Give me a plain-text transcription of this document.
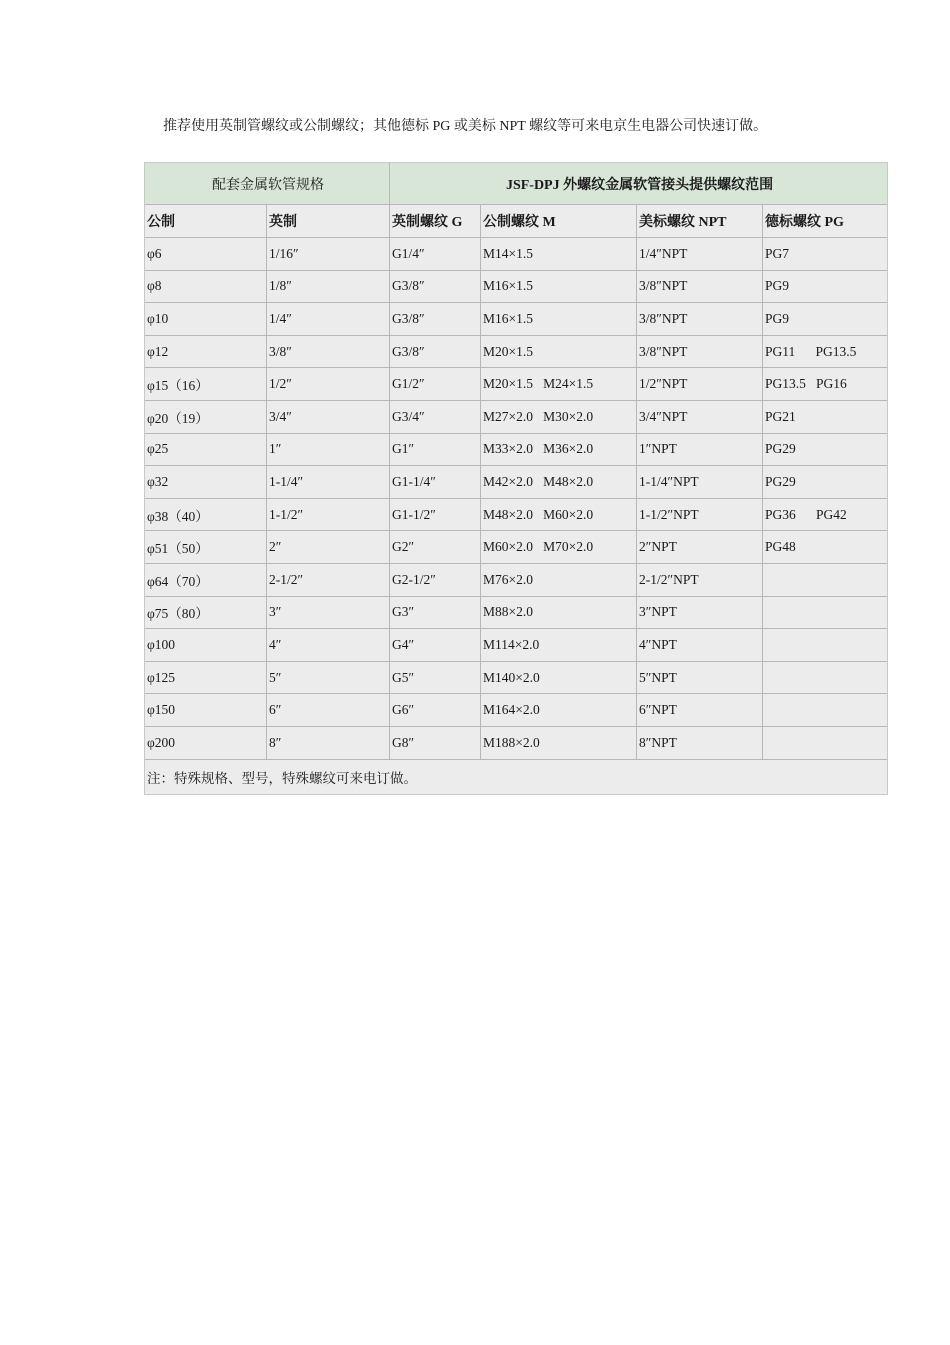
推荐使用英制管螺纹或公制螺纹；其他德标 PG 或美标 NPT 螺纹等可来电京生电器公司快速订做。
配套金属软管规格		JSF-DPJ 外螺纹金属软管接头提供螺纹范围			
公制	英制	英制螺纹 G	公制螺纹 M	美标螺纹 NPT	德标螺纹 PG
φ6	1/16″	G1/4″	M14×1.5	1/4″NPT	PG7
φ8	1/8″	G3/8″	M16×1.5	3/8″NPT	PG9
φ10	1/4″	G3/8″	M16×1.5	3/8″NPT	PG9
φ12	3/8″	G3/8″	M20×1.5	3/8″NPT	PG11      PG13.5
φ15（16）	1/2″	G1/2″	M20×1.5   M24×1.5	1/2″NPT	PG13.5   PG16
φ20（19）	3/4″	G3/4″	M27×2.0   M30×2.0	3/4″NPT	PG21
φ25	1″	G1″	M33×2.0   M36×2.0	1″NPT	PG29
φ32	1-1/4″	G1-1/4″	M42×2.0   M48×2.0	1-1/4″NPT	PG29
φ38（40）	1-1/2″	G1-1/2″	M48×2.0   M60×2.0	1-1/2″NPT	PG36      PG42
φ51（50）	2″	G2″	M60×2.0   M70×2.0	2″NPT	PG48
φ64（70）	2-1/2″	G2-1/2″	M76×2.0	2-1/2″NPT	
φ75（80）	3″	G3″	M88×2.0	3″NPT	
φ100	4″	G4″	M114×2.0	4″NPT	
φ125	5″	G5″	M140×2.0	5″NPT	
φ150	6″	G6″	M164×2.0	6″NPT	
φ200	8″	G8″	M188×2.0	8″NPT	
注：特殊规格、型号，特殊螺纹可来电订做。					
